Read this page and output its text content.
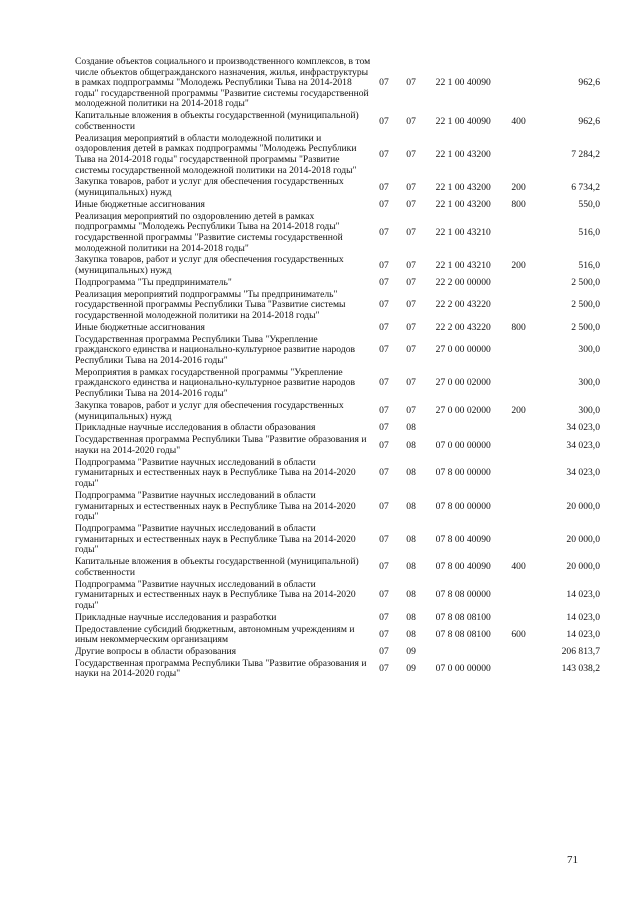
Создание объектов социального и производственного комплексов, в том числе объектов общегражданского назначения, жилья, инфраструктуры в рамках подпрограммы "Молодежь Республики Тыва на 2014-2018 годы" государственной программы "Развитие системы государственной молодежной политики на 2014-2018 годы"	07	07	22 1 00 40090		962,6
Капитальные вложения в объекты государственной (муниципальной) собственности	07	07	22 1 00 40090	400	962,6
Реализация мероприятий в области молодежной политики и оздоровления детей в рамках подпрограммы "Молодежь Республики Тыва на 2014-2018 годы" государственной программы "Развитие системы государственной молодежной политики на 2014-2018 годы"	07	07	22 1 00 43200		7 284,2
Закупка товаров, работ и услуг для обеспечения государственных (муниципальных) нужд	07	07	22 1 00 43200	200	6 734,2
Иные бюджетные ассигнования	07	07	22 1 00 43200	800	550,0
Реализация мероприятий по оздоровлению детей в рамках подпрограммы "Молодежь Республики Тыва на 2014-2018 годы" государственной программы "Развитие системы государственной молодежной политики на 2014-2018 годы"	07	07	22 1 00 43210		516,0
Закупка товаров, работ и услуг для обеспечения государственных (муниципальных) нужд	07	07	22 1 00 43210	200	516,0
Подпрограмма "Ты предприниматель"	07	07	22 2 00 00000		2 500,0
Реализация мероприятий подпрограммы "Ты предприниматель" государственной программы Республики Тыва "Развитие системы государственной молодежной политики на 2014-2018 годы"	07	07	22 2 00 43220		2 500,0
Иные бюджетные ассигнования	07	07	22 2 00 43220	800	2 500,0
Государственная программа Республики Тыва "Укрепление гражданского единства и национально-культурное развитие народов Республики Тыва на 2014-2016 годы"	07	07	27 0 00 00000		300,0
Мероприятия в рамках государственной программы "Укрепление гражданского единства и национально-культурное развитие народов Республики Тыва на 2014-2016 годы"	07	07	27 0 00 02000		300,0
Закупка товаров, работ и услуг для обеспечения государственных (муниципальных) нужд	07	07	27 0 00 02000	200	300,0
Прикладные научные исследования в области образования	07	08			34 023,0
Государственная программа Республики Тыва "Развитие образования и науки на 2014-2020 годы"	07	08	07 0 00 00000		34 023,0
Подпрограмма "Развитие научных исследований в области гуманитарных и естественных наук в Республике Тыва на 2014-2020 годы"	07	08	07 8 00 00000		34 023,0
Подпрограмма "Развитие научных исследований в области гуманитарных и естественных наук в Республике Тыва на 2014-2020 годы"	07	08	07 8 00 00000		20 000,0
Подпрограмма "Развитие научных исследований в области гуманитарных и естественных наук в Республике Тыва на 2014-2020 годы"	07	08	07 8 00 40090		20 000,0
Капитальные вложения в объекты государственной (муниципальной) собственности	07	08	07 8 00 40090	400	20 000,0
Подпрограмма "Развитие научных исследований в области гуманитарных и естественных наук в Республике Тыва на 2014-2020 годы"	07	08	07 8 08 00000		14 023,0
Прикладные научные исследования и разработки	07	08	07 8 08 08100		14 023,0
Предоставление субсидий бюджетным, автономным учреждениям и иным некоммерческим организациям	07	08	07 8 08 08100	600	14 023,0
Другие вопросы в области образования	07	09			206 813,7
Государственная программа Республики Тыва "Развитие образования и науки на 2014-2020 годы"	07	09	07 0 00 00000		143 038,2
71
